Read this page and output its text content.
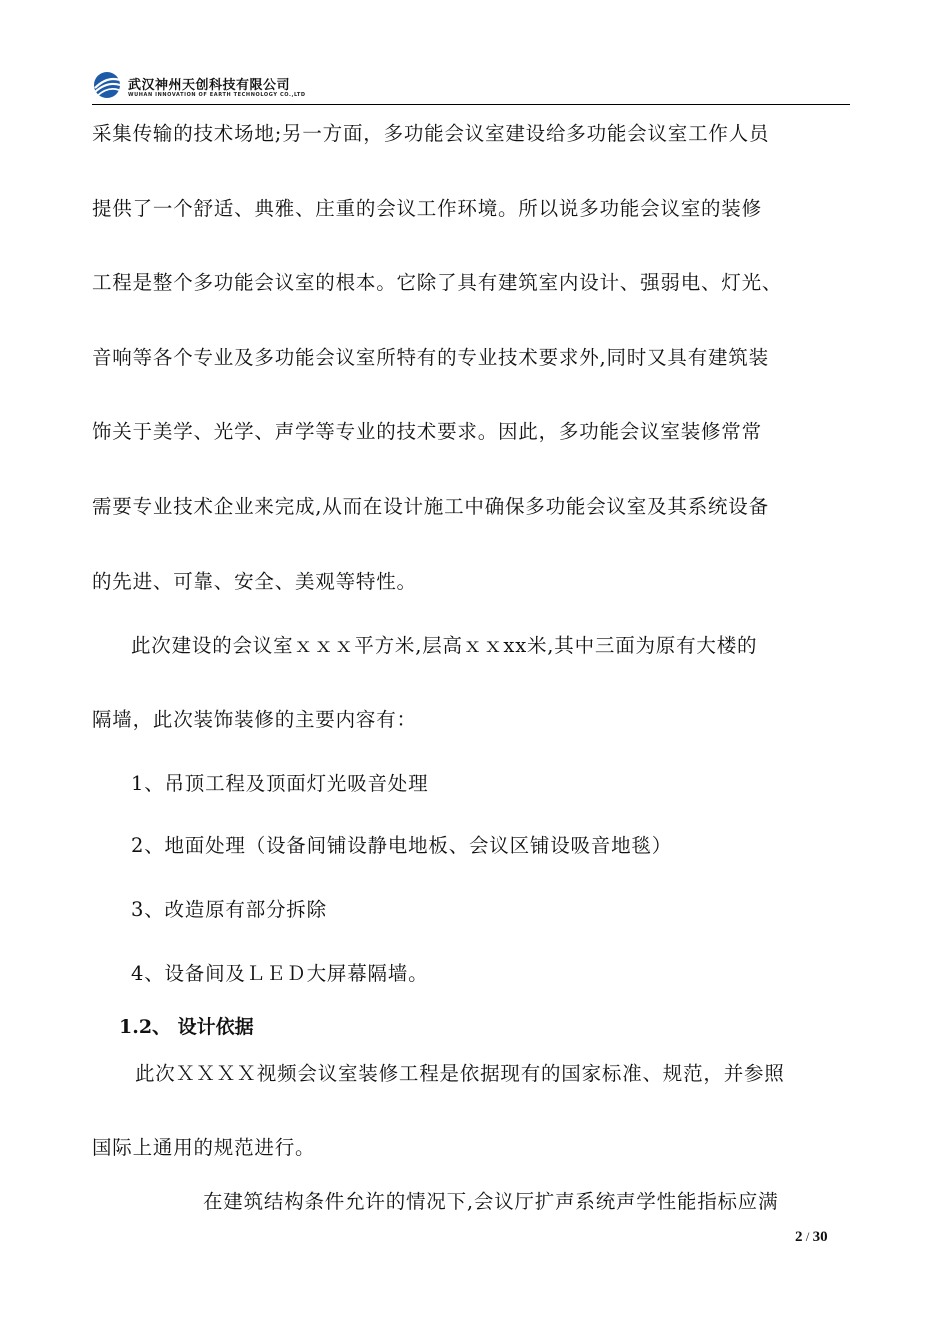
武汉神州天创科技有限公司
WUHAN INNOVATION OF EARTH TECHNOLOGY CO.,LTD
采集传输的技术场地;另一方面，多功能会议室建设给多功能会议室工作人员
提供了一个舒适、典雅、庄重的会议工作环境。所以说多功能会议室的装修
工程是整个多功能会议室的根本。它除了具有建筑室内设计、强弱电、灯光、
音响等各个专业及多功能会议室所特有的专业技术要求外,同时又具有建筑装
饰关于美学、光学、声学等专业的技术要求。因此，多功能会议室装修常常
需要专业技术企业来完成,从而在设计施工中确保多功能会议室及其系统设备
的先进、可靠、安全、美观等特性。
此次建设的会议室ｘｘｘ平方米,层高ｘｘxx米,其中三面为原有大楼的
隔墙，此次装饰装修的主要内容有：
1、吊顶工程及顶面灯光吸音处理
2、地面处理（设备间铺设静电地板、会议区铺设吸音地毯）
3、改造原有部分拆除
4、设备间及ＬＥＤ大屏幕隔墙。
1.2、 设计依据
此次ＸＸＸＸ视频会议室装修工程是依据现有的国家标准、规范，并参照
国际上通用的规范进行。
在建筑结构条件允许的情况下,会议厅扩声系统声学性能指标应满
2 / 30
